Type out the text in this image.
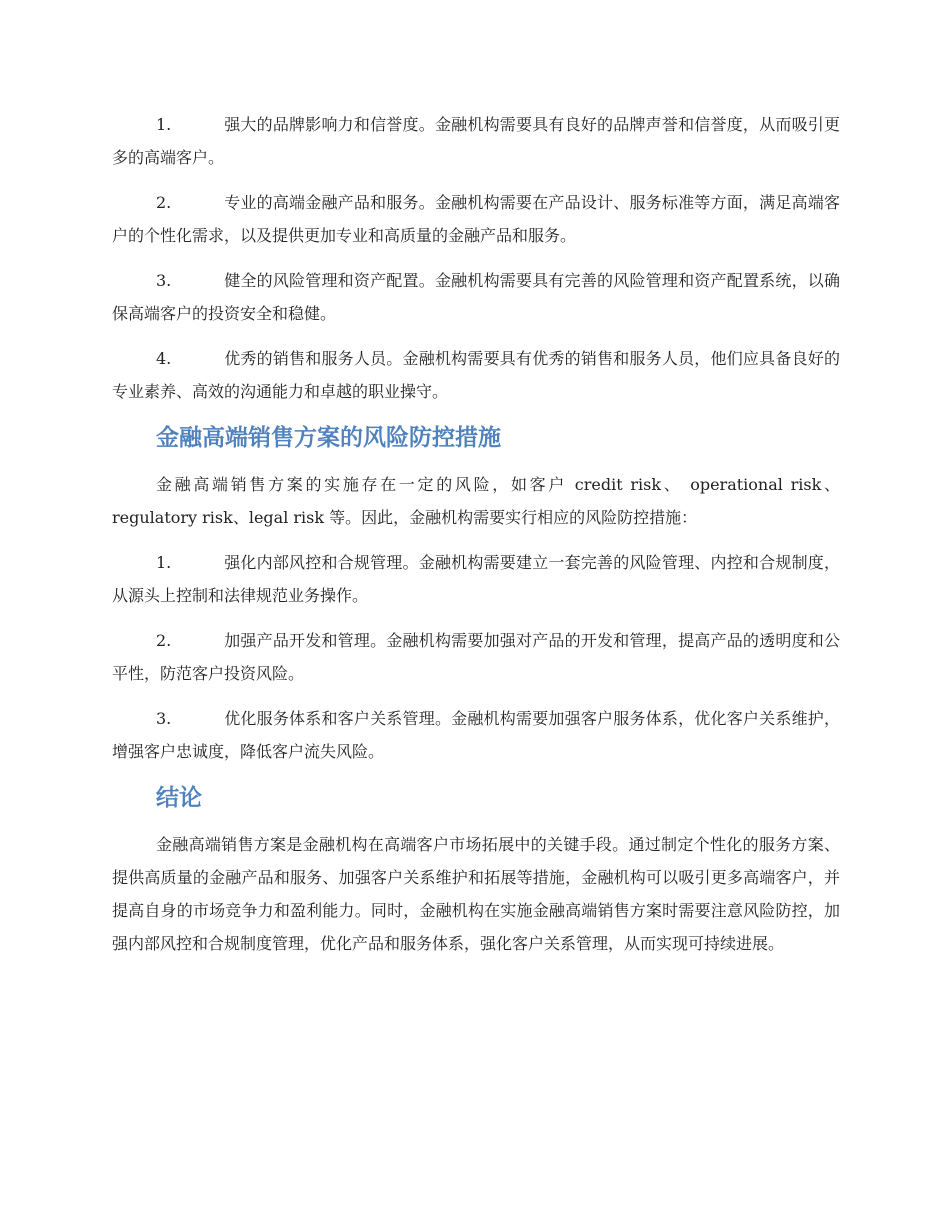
1.	强大的品牌影响力和信誉度。金融机构需要具有良好的品牌声誉和信誉度，从而吸引更多的高端客户。
2.	专业的高端金融产品和服务。金融机构需要在产品设计、服务标准等方面，满足高端客户的个性化需求，以及提供更加专业和高质量的金融产品和服务。
3.	健全的风险管理和资产配置。金融机构需要具有完善的风险管理和资产配置系统，以确保高端客户的投资安全和稳健。
4.	优秀的销售和服务人员。金融机构需要具有优秀的销售和服务人员，他们应具备良好的专业素养、高效的沟通能力和卓越的职业操守。
金融高端销售方案的风险防控措施
金融高端销售方案的实施存在一定的风险，如客户 credit risk、 operational risk、regulatory risk、legal risk 等。因此，金融机构需要实行相应的风险防控措施：
1.	强化内部风控和合规管理。金融机构需要建立一套完善的风险管理、内控和合规制度，从源头上控制和法律规范业务操作。
2.	加强产品开发和管理。金融机构需要加强对产品的开发和管理，提高产品的透明度和公平性，防范客户投资风险。
3.	优化服务体系和客户关系管理。金融机构需要加强客户服务体系，优化客户关系维护，增强客户忠诚度，降低客户流失风险。
结论
金融高端销售方案是金融机构在高端客户市场拓展中的关键手段。通过制定个性化的服务方案、提供高质量的金融产品和服务、加强客户关系维护和拓展等措施，金融机构可以吸引更多高端客户，并提高自身的市场竞争力和盈利能力。同时，金融机构在实施金融高端销售方案时需要注意风险防控，加强内部风控和合规制度管理，优化产品和服务体系，强化客户关系管理，从而实现可持续进展。
